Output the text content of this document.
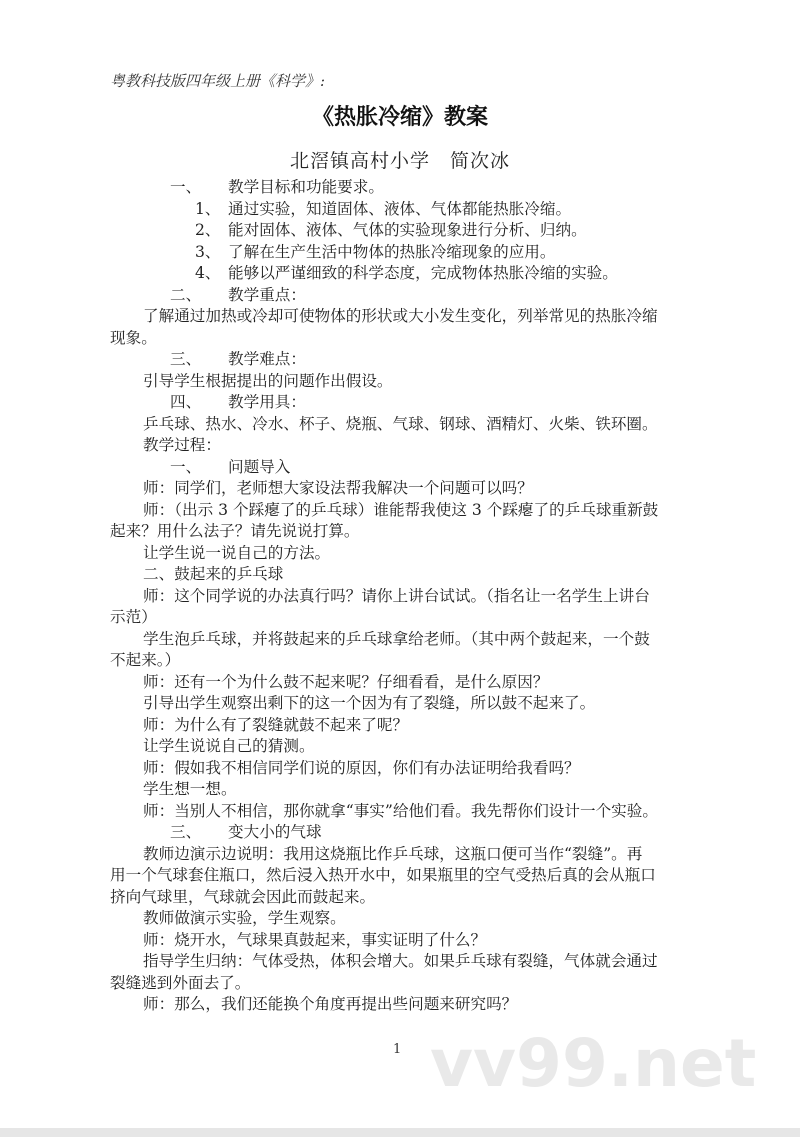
vv99.net
粤教科技版四年级上册《科学》:
《热胀冷缩》教案
北滘镇高村小学　简次冰
一、 教学目标和功能要求。
1、 通过实验，知道固体、液体、气体都能热胀冷缩。
2、 能对固体、液体、气体的实验现象进行分析、归纳。
3、 了解在生产生活中物体的热胀冷缩现象的应用。
4、 能够以严谨细致的科学态度，完成物体热胀冷缩的实验。
二、 教学重点：
了解通过加热或冷却可使物体的形状或大小发生变化，列举常见的热胀冷缩
现象。
三、 教学难点：
引导学生根据提出的问题作出假设。
四、 教学用具：
乒乓球、热水、冷水、杯子、烧瓶、气球、钢球、酒精灯、火柴、铁环圈。
教学过程：
一、 问题导入
师：同学们，老师想大家设法帮我解决一个问题可以吗？
师：（出示 3 个踩瘪了的乒乓球）谁能帮我使这 3 个踩瘪了的乒乓球重新鼓
起来？用什么法子？请先说说打算。
让学生说一说自己的方法。
二、鼓起来的乒乓球
师：这个同学说的办法真行吗？请你上讲台试试。（指名让一名学生上讲台
示范）
学生泡乒乓球，并将鼓起来的乒乓球拿给老师。（其中两个鼓起来，一个鼓
不起来。）
师：还有一个为什么鼓不起来呢？仔细看看，是什么原因？
引导出学生观察出剩下的这一个因为有了裂缝，所以鼓不起来了。
师：为什么有了裂缝就鼓不起来了呢？
让学生说说自己的猜测。
师：假如我不相信同学们说的原因，你们有办法证明给我看吗？
学生想一想。
师：当别人不相信，那你就拿“事实”给他们看。我先帮你们设计一个实验。
三、 变大小的气球
教师边演示边说明：我用这烧瓶比作乒乓球，这瓶口便可当作“裂缝”。再
用一个气球套住瓶口，然后浸入热开水中，如果瓶里的空气受热后真的会从瓶口
挤向气球里，气球就会因此而鼓起来。
教师做演示实验，学生观察。
师：烧开水，气球果真鼓起来，事实证明了什么？
指导学生归纳：气体受热，体积会增大。如果乒乓球有裂缝，气体就会通过
裂缝逃到外面去了。
师：那么，我们还能换个角度再提出些问题来研究吗？
1
